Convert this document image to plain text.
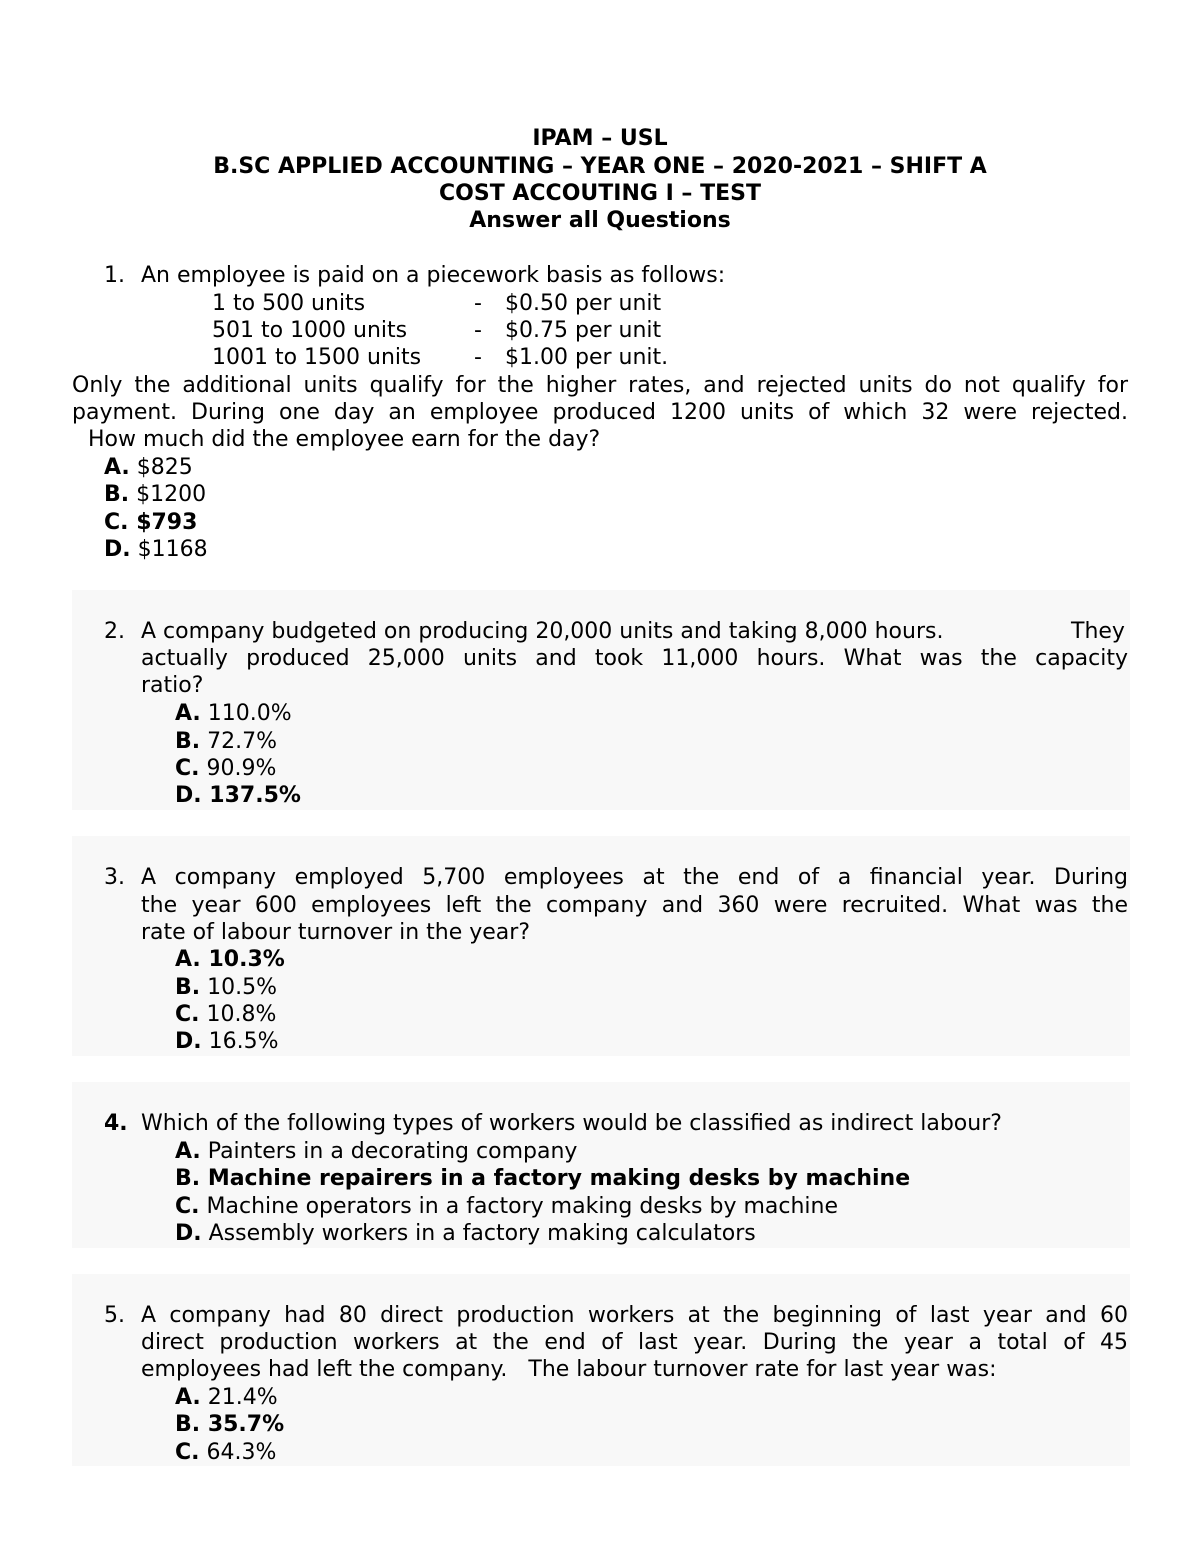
IPAM – USL
B.SC APPLIED ACCOUNTING – YEAR ONE – 2020-2021 – SHIFT A
COST ACCOUTING I – TEST
Answer all Questions
1. An employee is paid on a piecework basis as follows:
1 to 500 units	- $0.50 per unit
501 to 1000 units	- $0.75 per unit
1001 to 1500 units - $1.00 per unit.
Only the additional units qualify for the higher rates, and rejected units do not qualify for
payment. During one day an employee produced 1200 units of which 32 were rejected.
How much did the employee earn for the day?
A. $825
B. $1200
C. $793
D. $1168
2. A company budgeted on producing 20,000 units and taking 8,000 hours.	They
actually produced 25,000 units and took 11,000 hours. What was the capacity
ratio?
A. 110.0%
B. 72.7%
C. 90.9%
D. 137.5%
3. A company employed 5,700 employees at the end of a financial year. During
the year 600 employees left the company and 360 were recruited. What was the
rate of labour turnover in the year?
A. 10.3%
B. 10.5%
C. 10.8%
D. 16.5%
4. Which of the following types of workers would be classified as indirect labour?
A. Painters in a decorating company
B. Machine repairers in a factory making desks by machine
C. Machine operators in a factory making desks by machine
D. Assembly workers in a factory making calculators
5. A company had 80 direct production workers at the beginning of last year and 60
direct production workers at the end of last year. During the year a total of 45
employees had left the company.   The labour turnover rate for last year was:
A. 21.4%
B. 35.7%
C. 64.3%
